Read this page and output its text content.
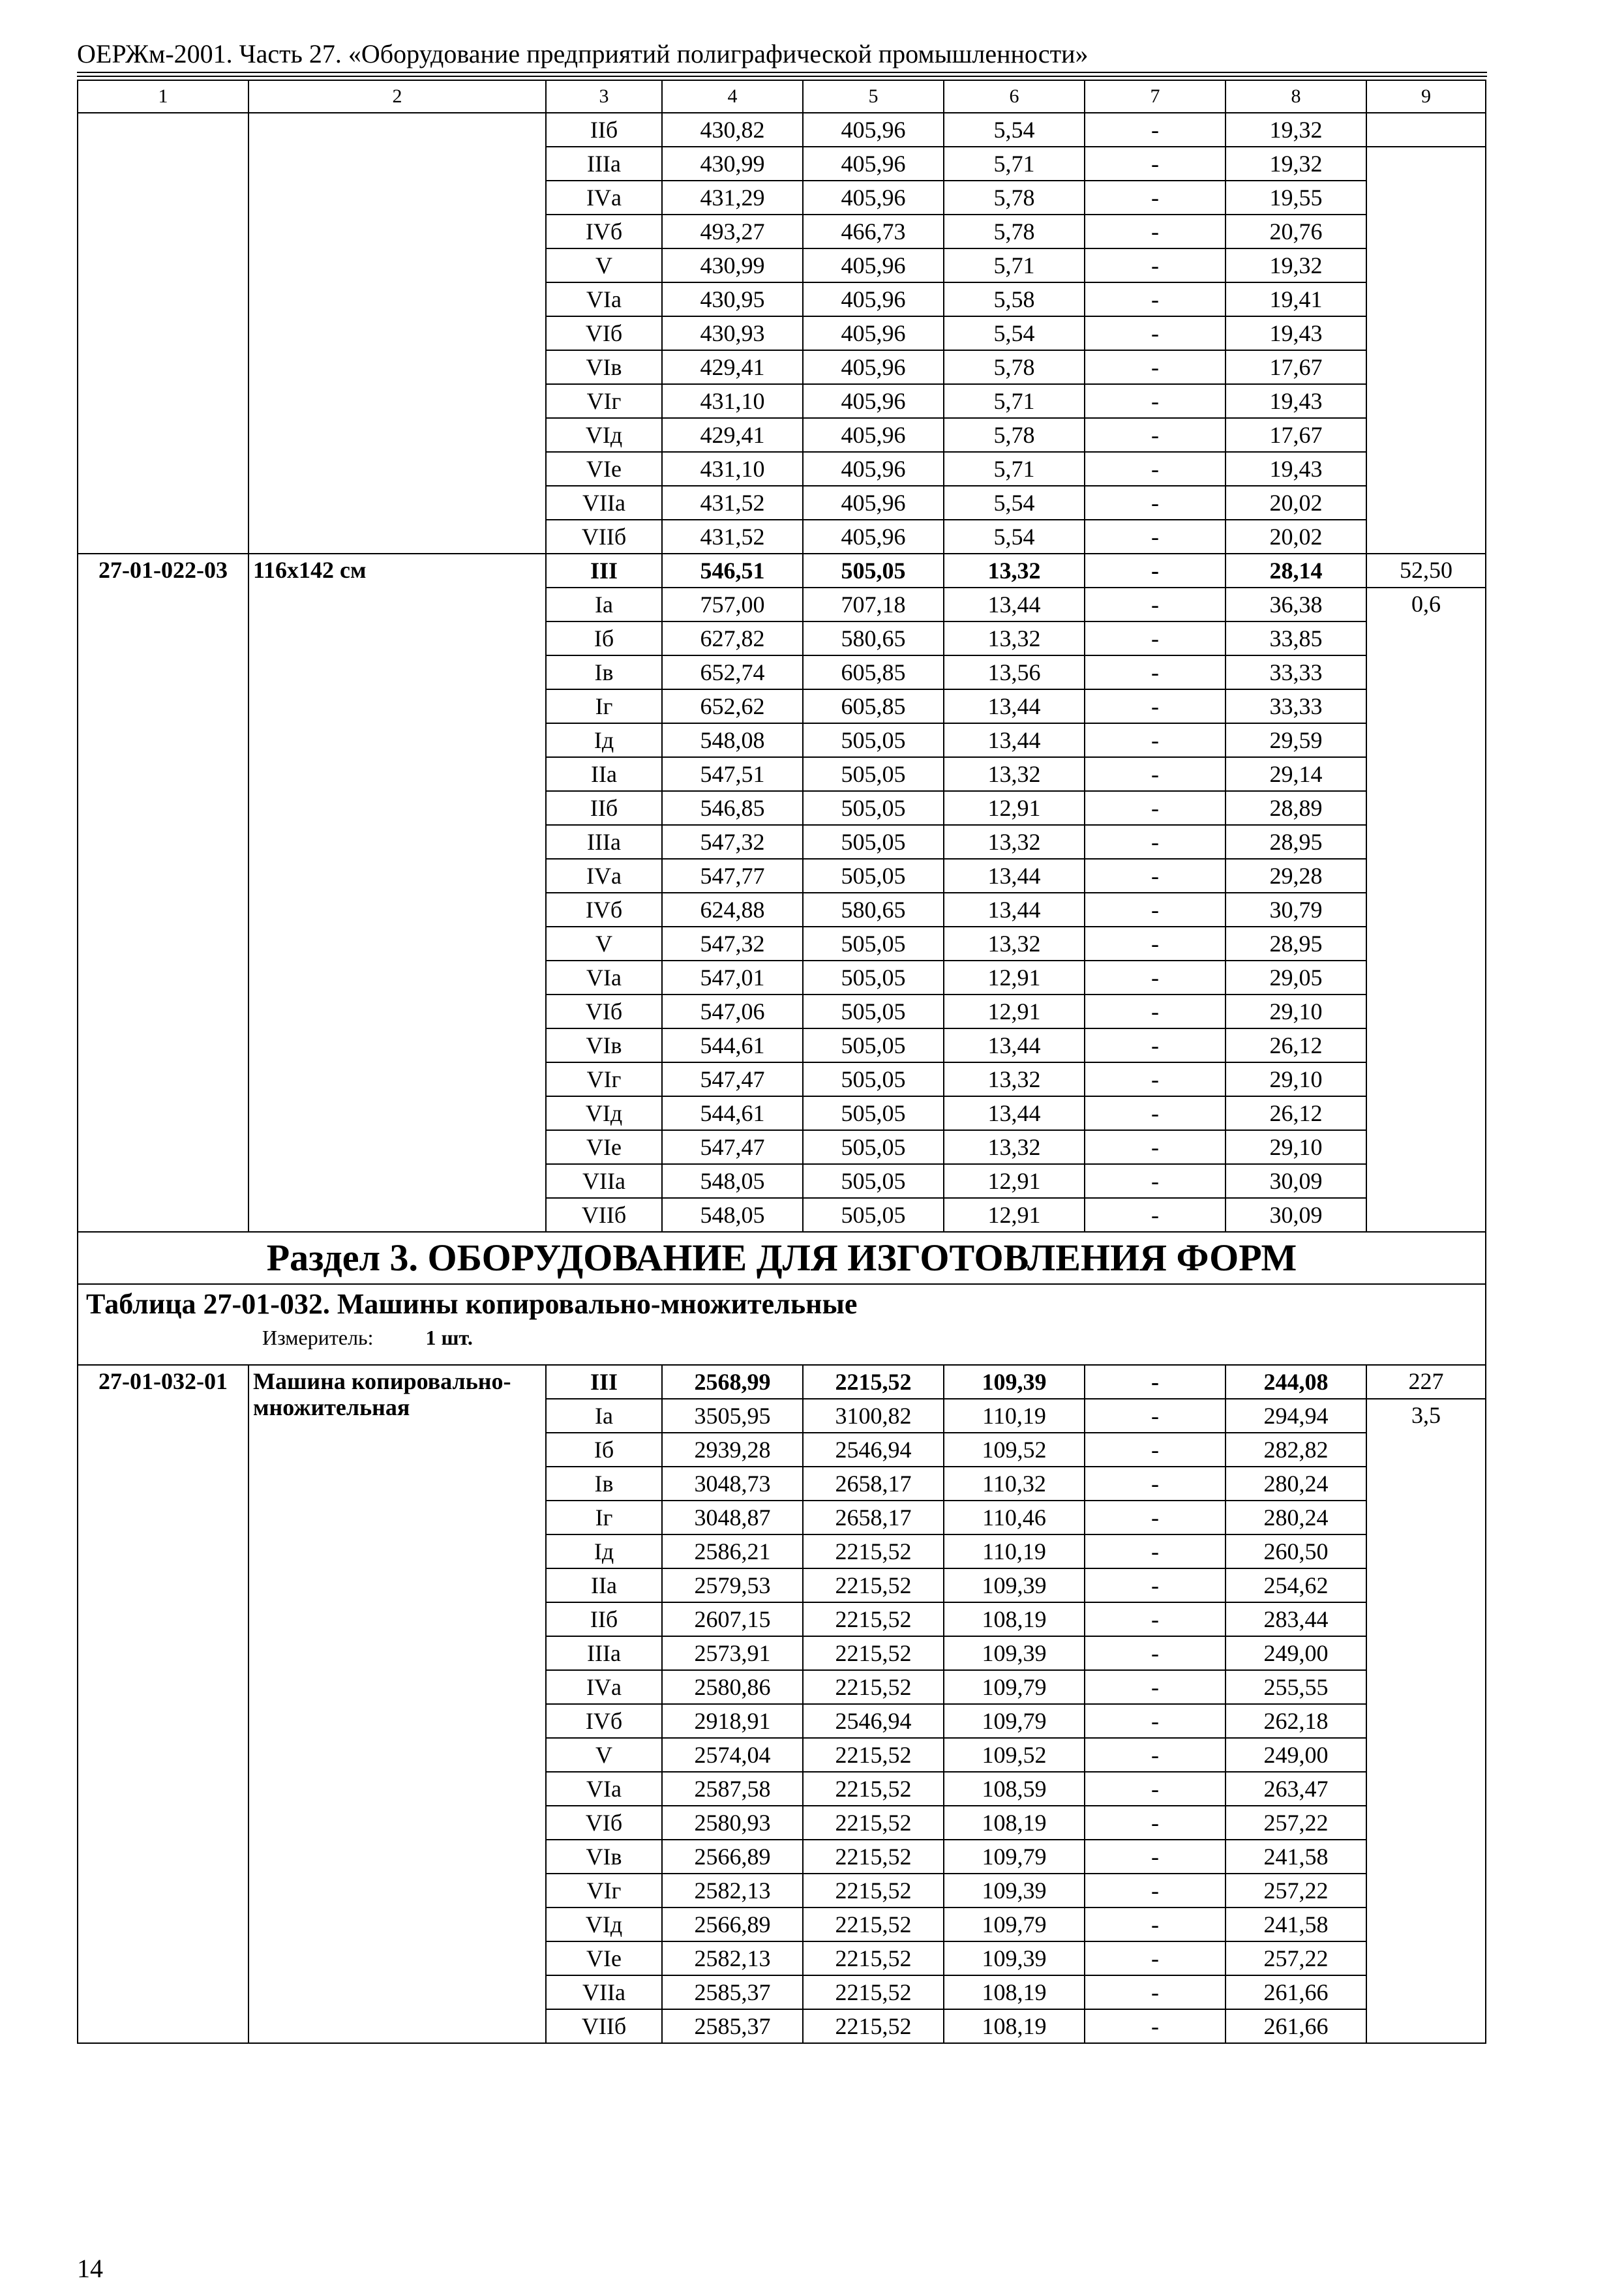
ОЕРЖм-2001. Часть 27. «Оборудование предприятий полиграфической промышленности»
1	2	3	4	5	6	7	8	9
		IIб	430,82	405,96	5,54	-	19,32	
		IIIа	430,99	405,96	5,71	-	19,32	
		IVа	431,29	405,96	5,78	-	19,55	
		IVб	493,27	466,73	5,78	-	20,76	
		V	430,99	405,96	5,71	-	19,32	
		VIа	430,95	405,96	5,58	-	19,41	
		VIб	430,93	405,96	5,54	-	19,43	
		VIв	429,41	405,96	5,78	-	17,67	
		VIг	431,10	405,96	5,71	-	19,43	
		VIд	429,41	405,96	5,78	-	17,67	
		VIе	431,10	405,96	5,71	-	19,43	
		VIIа	431,52	405,96	5,54	-	20,02	
		VIIб	431,52	405,96	5,54	-	20,02	
27-01-022-03	116х142 см	III	546,51	505,05	13,32	-	28,14	52,50
		Iа	757,00	707,18	13,44	-	36,38	0,6
		Iб	627,82	580,65	13,32	-	33,85	
		Iв	652,74	605,85	13,56	-	33,33	
		Iг	652,62	605,85	13,44	-	33,33	
		Iд	548,08	505,05	13,44	-	29,59	
		IIа	547,51	505,05	13,32	-	29,14	
		IIб	546,85	505,05	12,91	-	28,89	
		IIIа	547,32	505,05	13,32	-	28,95	
		IVа	547,77	505,05	13,44	-	29,28	
		IVб	624,88	580,65	13,44	-	30,79	
		V	547,32	505,05	13,32	-	28,95	
		VIа	547,01	505,05	12,91	-	29,05	
		VIб	547,06	505,05	12,91	-	29,10	
		VIв	544,61	505,05	13,44	-	26,12	
		VIг	547,47	505,05	13,32	-	29,10	
		VIд	544,61	505,05	13,44	-	26,12	
		VIе	547,47	505,05	13,32	-	29,10	
		VIIа	548,05	505,05	12,91	-	30,09	
		VIIб	548,05	505,05	12,91	-	30,09	
Раздел 3. ОБОРУДОВАНИЕ ДЛЯ ИЗГОТОВЛЕНИЯ ФОРМ								

Таблица 27-01-032. Машины копировально-множительные
Измеритель: 1 шт.								

27-01-032-01	Машина копировально-множительная	III	2568,99	2215,52	109,39	-	244,08	227
		Iа	3505,95	3100,82	110,19	-	294,94	3,5
		Iб	2939,28	2546,94	109,52	-	282,82	
		Iв	3048,73	2658,17	110,32	-	280,24	
		Iг	3048,87	2658,17	110,46	-	280,24	
		Iд	2586,21	2215,52	110,19	-	260,50	
		IIа	2579,53	2215,52	109,39	-	254,62	
		IIб	2607,15	2215,52	108,19	-	283,44	
		IIIа	2573,91	2215,52	109,39	-	249,00	
		IVа	2580,86	2215,52	109,79	-	255,55	
		IVб	2918,91	2546,94	109,79	-	262,18	
		V	2574,04	2215,52	109,52	-	249,00	
		VIа	2587,58	2215,52	108,59	-	263,47	
		VIб	2580,93	2215,52	108,19	-	257,22	
		VIв	2566,89	2215,52	109,79	-	241,58	
		VIг	2582,13	2215,52	109,39	-	257,22	
		VIд	2566,89	2215,52	109,79	-	241,58	
		VIе	2582,13	2215,52	109,39	-	257,22	
		VIIа	2585,37	2215,52	108,19	-	261,66	
		VIIб	2585,37	2215,52	108,19	-	261,66	
14
